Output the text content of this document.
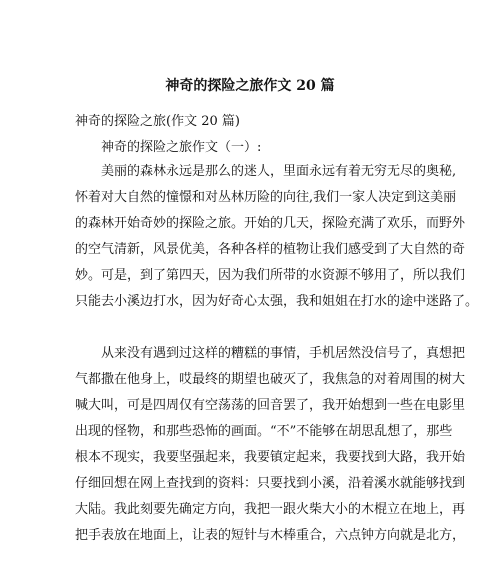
神奇的探险之旅作文 20 篇
神奇的探险之旅(作文 20 篇)
神奇的探险之旅作文（一）:
美丽的森林永远是那么的迷人，里面永远有着无穷无尽的奥秘,
怀着对大自然的憧憬和对丛林历险的向往,我们一家人决定到这美丽
的森林开始奇妙的探险之旅。开始的几天，探险充满了欢乐，而野外
的空气清新，风景优美，各种各样的植物让我们感受到了大自然的奇
妙。可是，到了第四天，因为我们所带的水资源不够用了，所以我们
只能去小溪边打水，因为好奇心太强，我和姐姐在打水的途中迷路了。
从来没有遇到过这样的糟糕的事情，手机居然没信号了，真想把
气都撒在他身上，哎最终的期望也破灭了，我焦急的对着周围的树大
喊大叫，可是四周仅有空荡荡的回音罢了，我开始想到一些在电影里
出现的怪物，和那些恐怖的画面。“不”不能够在胡思乱想了，那些
根本不现实，我要坚强起来，我要镇定起来，我要找到大路，我开始
仔细回想在网上查找到的资料：只要找到小溪，沿着溪水就能够找到
大陆。我此刻要先确定方向，我把一跟火柴大小的木棍立在地上，再
把手表放在地面上，让表的短针与木棒重合，六点钟方向就是北方，
